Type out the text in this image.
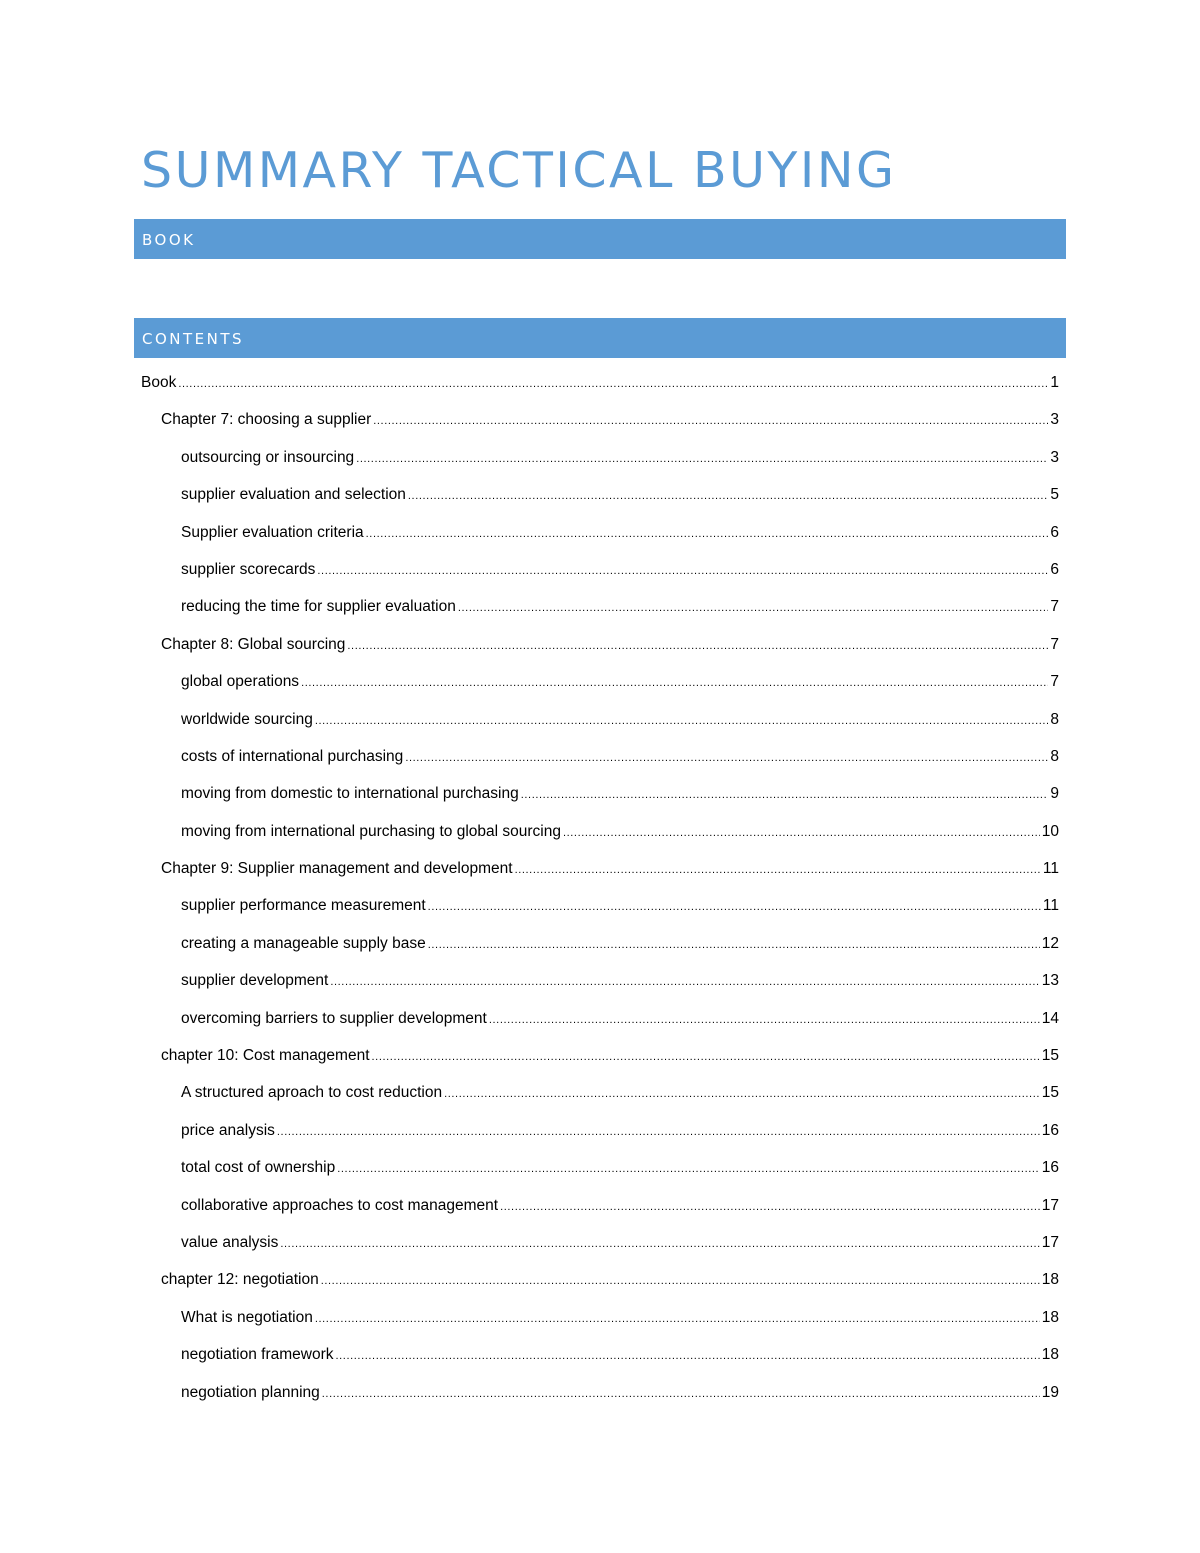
SUMMARY TACTICAL BUYING
BOOK
CONTENTS
Book .....	1
Chapter 7: choosing a supplier .....	3
outsourcing or insourcing .....	3
supplier evaluation and selection .....	5
Supplier evaluation criteria .....	6
supplier scorecards .....	6
reducing the time for supplier evaluation .....	7
Chapter 8: Global sourcing .....	7
global operations .....	7
worldwide sourcing .....	8
costs of international purchasing .....	8
moving from domestic to international purchasing .....	9
moving from international purchasing to global sourcing .....	10
Chapter 9: Supplier management and development .....	11
supplier performance measurement .....	11
creating a manageable supply base .....	12
supplier development .....	13
overcoming barriers to supplier development .....	14
chapter 10: Cost management .....	15
A structured aproach to cost reduction .....	15
price analysis .....	16
total cost of ownership .....	16
collaborative approaches to cost management .....	17
value analysis .....	17
chapter 12: negotiation .....	18
What is negotiation .....	18
negotiation framework .....	18
negotiation planning .....	19
